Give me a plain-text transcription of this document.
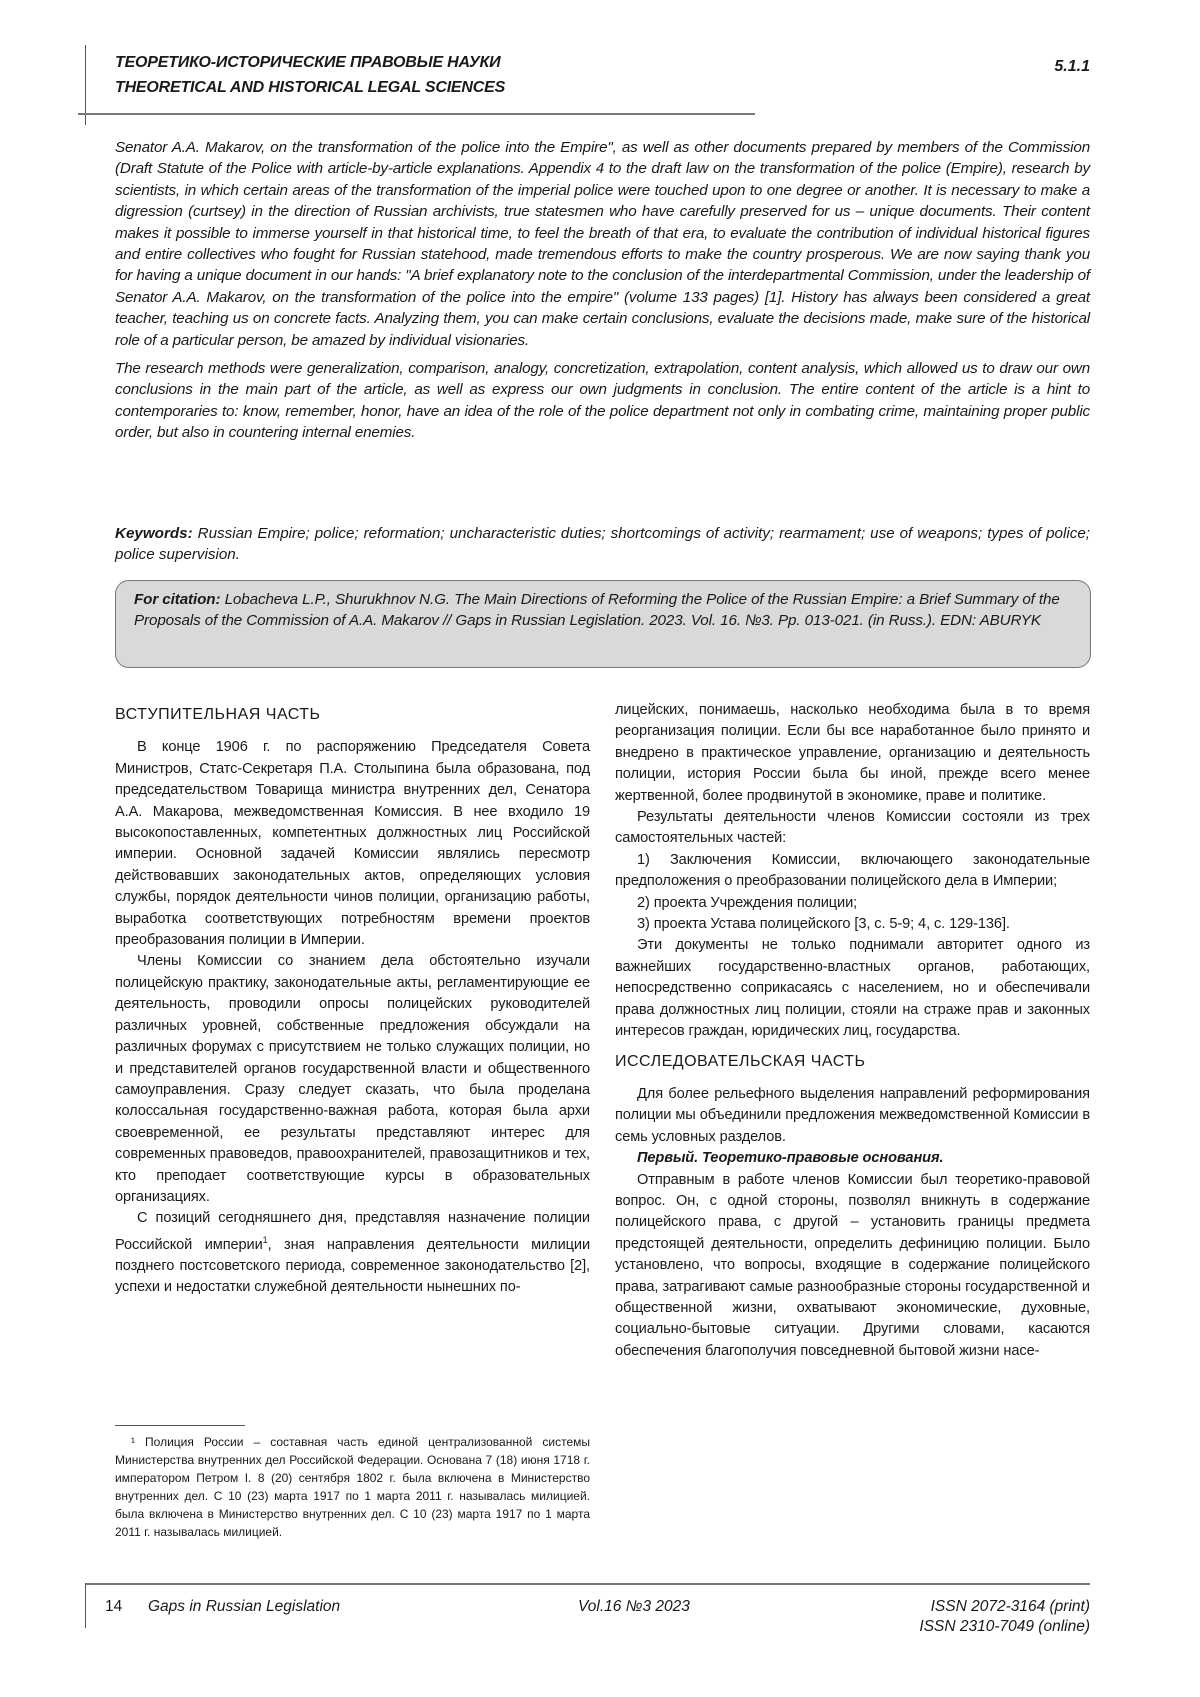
ТЕОРЕТИКО-ИСТОРИЧЕСКИЕ ПРАВОВЫЕ НАУКИ
THEORETICAL AND HISTORICAL LEGAL SCIENCES
5.1.1

Senator A.A. Makarov, on the transformation of the police into the Empire", as well as other documents prepared by members of the Commission (Draft Statute of the Police with article-by-article explanations. Appendix 4 to the draft law on the transformation of the police (Empire), research by scientists, in which certain areas of the transformation of the imperial police were touched upon to one degree or another. It is necessary to make a digression (curtsey) in the direction of Russian archivists, true statesmen who have carefully preserved for us – unique documents. Their content makes it possible to immerse yourself in that historical time, to feel the breath of that era, to evaluate the contribution of individual historical figures and entire collectives who fought for Russian statehood, made tremendous efforts to make the country prosperous. We are now saying thank you for having a unique document in our hands: "A brief explanatory note to the conclusion of the interdepartmental Commission, under the leadership of Senator A.A. Makarov, on the transformation of the police into the empire" (volume 133 pages) [1]. History has always been considered a great teacher, teaching us on concrete facts. Analyzing them, you can make certain conclusions, evaluate the decisions made, make sure of the historical role of a particular person, be amazed by individual visionaries.

The research methods were generalization, comparison, analogy, concretization, extrapolation, content analysis, which allowed us to draw our own conclusions in the main part of the article, as well as express our own judgments in conclusion. The entire content of the article is a hint to contemporaries to: know, remember, honor, have an idea of the role of the police department not only in combating crime, maintaining proper public order, but also in countering internal enemies.

Keywords: Russian Empire; police; reformation; uncharacteristic duties; shortcomings of activity; rearmament; use of weapons; types of police; police supervision.
For citation: Lobacheva L.P., Shurukhnov N.G. The Main Directions of Reforming the Police of the Russian Empire: a Brief Summary of the Proposals of the Commission of A.A. Makarov // Gaps in Russian Legislation. 2023. Vol. 16. №3. Pp. 013-021. (in Russ.). EDN: ABURYK
ВСТУПИТЕЛЬНАЯ ЧАСТЬ

В конце 1906 г. по распоряжению Председателя Совета Министров, Статс-Секретаря П.А. Столыпина была образована, под председательством Товарища министра внутренних дел, Сенатора А.А. Макарова, межведомственная Комиссия. В нее входило 19 высокопоставленных, компетентных должностных лиц Российской империи. Основной задачей Комиссии являлись пересмотр действовавших законодательных актов, определяющих условия службы, порядок деятельности чинов полиции, организацию работы, выработка соответствующих потребностям времени проектов преобразования полиции в Империи.

Члены Комиссии со знанием дела обстоятельно изучали полицейскую практику, законодательные акты, регламентирующие ее деятельность, проводили опросы полицейских руководителей различных уровней, собственные предложения обсуждали на различных форумах с присутствием не только служащих полиции, но и представителей органов государственной власти и общественного самоуправления. Сразу следует сказать, что была проделана колоссальная государственно-важная работа, которая была архи своевременной, ее результаты представляют интерес для современных правоведов, правоохранителей, правозащитников и тех, кто преподает соответствующие курсы в образовательных организациях.

С позиций сегодняшнего дня, представляя назначение полиции Российской империи1, зная направления деятельности милиции позднего постсоветского периода, современное законодательство [2], успехи и недостатки служебной деятельности нынешних по-

¹ Полиция России – составная часть единой централизованной системы Министерства внутренних дел Российской Федерации. Основана 7 (18) июня 1718 г. императором Петром I. 8 (20) сентября 1802 г. была включена в Министерство внутренних дел. С 10 (23) марта 1917 по 1 марта 2011 г. называлась милицией. была включена в Министерство внутренних дел. С 10 (23) марта 1917 по 1 марта 2011 г. называлась милицией.

лицейских, понимаешь, насколько необходима была в то время реорганизация полиции. Если бы все наработанное было принято и внедрено в практическое управление, организацию и деятельность полиции, история России была бы иной, прежде всего менее жертвенной, более продвинутой в экономике, праве и политике.

Результаты деятельности членов Комиссии состояли из трех самостоятельных частей:

1) Заключения Комиссии, включающего законодательные предположения о преобразовании полицейского дела в Империи;

2) проекта Учреждения полиции;

3) проекта Устава полицейского [3, с. 5-9; 4, с. 129-136].

Эти документы не только поднимали авторитет одного из важнейших государственно-властных органов, работающих, непосредственно соприкасаясь с населением, но и обеспечивали права должностных лиц полиции, стояли на страже прав и законных интересов граждан, юридических лиц, государства.

ИССЛЕДОВАТЕЛЬСКАЯ ЧАСТЬ

Для более рельефного выделения направлений реформирования полиции мы объединили предложения межведомственной Комиссии в семь условных разделов.

Первый. Теоретико-правовые основания.

Отправным в работе членов Комиссии был теоретико-правовой вопрос. Он, с одной стороны, позволял вникнуть в содержание полицейского права, с другой – установить границы предмета предстоящей деятельности, определить дефиницию полиции. Было установлено, что вопросы, входящие в содержание полицейского права, затрагивают самые разнообразные стороны государственной и общественной жизни, охватывают экономические, духовные, социально-бытовые ситуации. Другими словами, касаются обеспечения благополучия повседневной бытовой жизни насе-

14 Gaps in Russian Legislation	Vol.16 №3 2023	ISSN 2072-3164 (print)
ISSN 2310-7049 (online)
